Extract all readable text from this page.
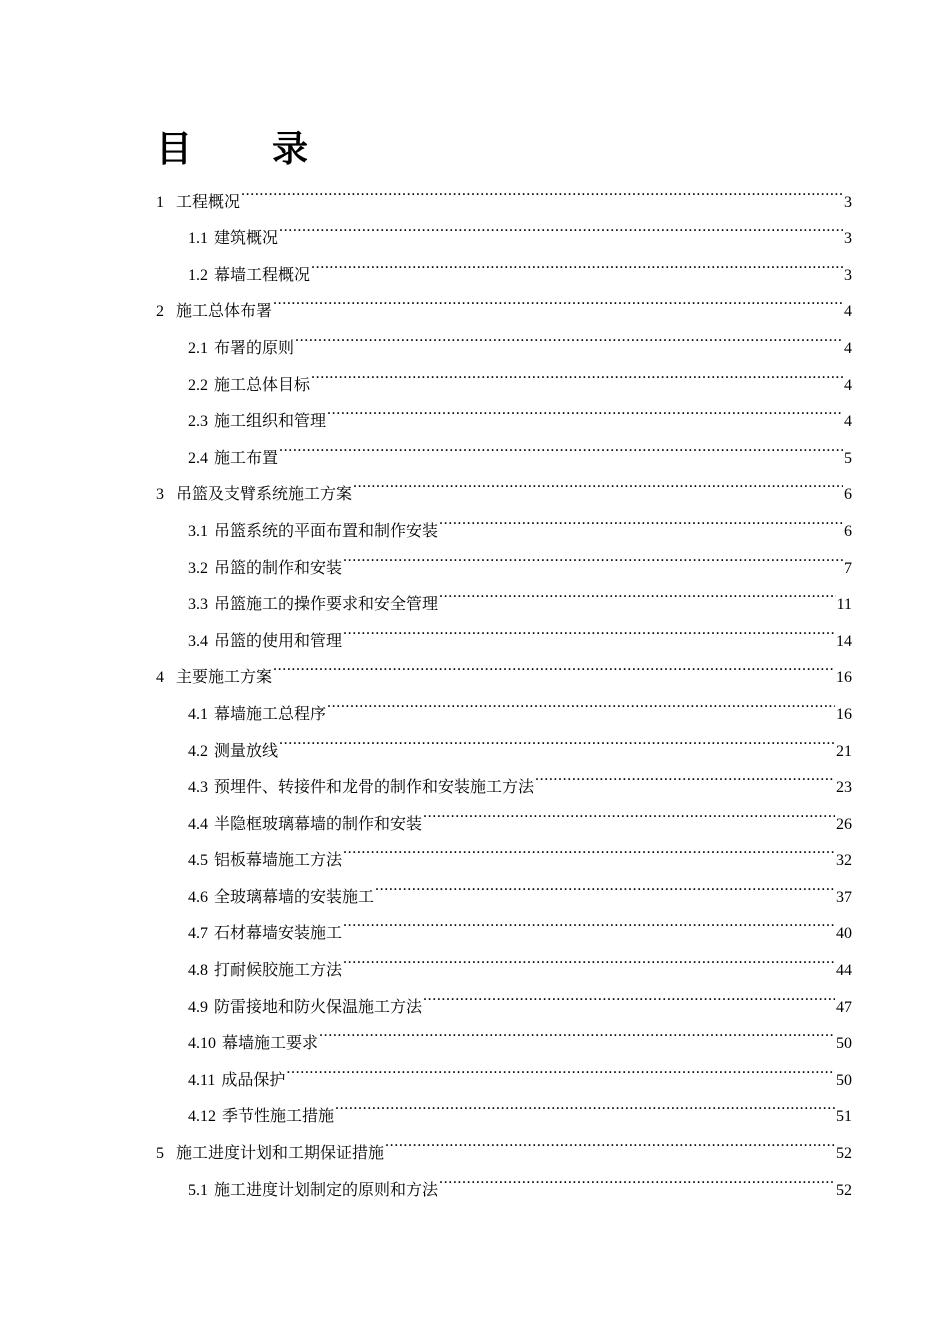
目　录
1 工程概况 .....	3
1.1 建筑概况 .....	3
1.2 幕墙工程概况 .....	3
2 施工总体布署 .....	4
2.1 布署的原则 .....	4
2.2 施工总体目标 .....	4
2.3 施工组织和管理 .....	4
2.4 施工布置 .....	5
3 吊篮及支臂系统施工方案 .....	6
3.1 吊篮系统的平面布置和制作安装 .....	6
3.2 吊篮的制作和安装 .....	7
3.3 吊篮施工的操作要求和安全管理 .....	11
3.4 吊篮的使用和管理 .....	14
4 主要施工方案 .....	16
4.1 幕墙施工总程序 .....	16
4.2 测量放线 .....	21
4.3 预埋件、转接件和龙骨的制作和安装施工方法 .....	23
4.4 半隐框玻璃幕墙的制作和安装 .....	26
4.5 铝板幕墙施工方法 .....	32
4.6 全玻璃幕墙的安装施工 .....	37
4.7 石材幕墙安装施工 .....	40
4.8 打耐候胶施工方法 .....	44
4.9 防雷接地和防火保温施工方法 .....	47
4.10 幕墙施工要求 .....	50
4.11 成品保护 .....	50
4.12 季节性施工措施 .....	51
5 施工进度计划和工期保证措施 .....	52
5.1 施工进度计划制定的原则和方法 .....	52
